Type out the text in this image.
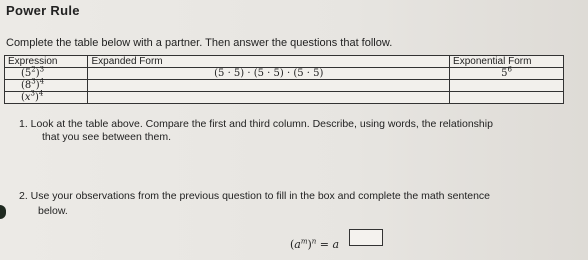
Power Rule
Complete the table below with a partner. Then answer the questions that follow.
Expression	Expanded Form	Exponential Form
$(5^2)^3$	(5 · 5) · (5 · 5) · (5 · 5)	$5^6$
$(8^3)^4$		
$(x^3)^4$		
1. Look at the table above. Compare the first and third column. Describe, using words, the relationship
that you see between them.
2. Use your observations from the previous question to fill in the box and complete the math sentence
below.
$(a^m)^n = a$
